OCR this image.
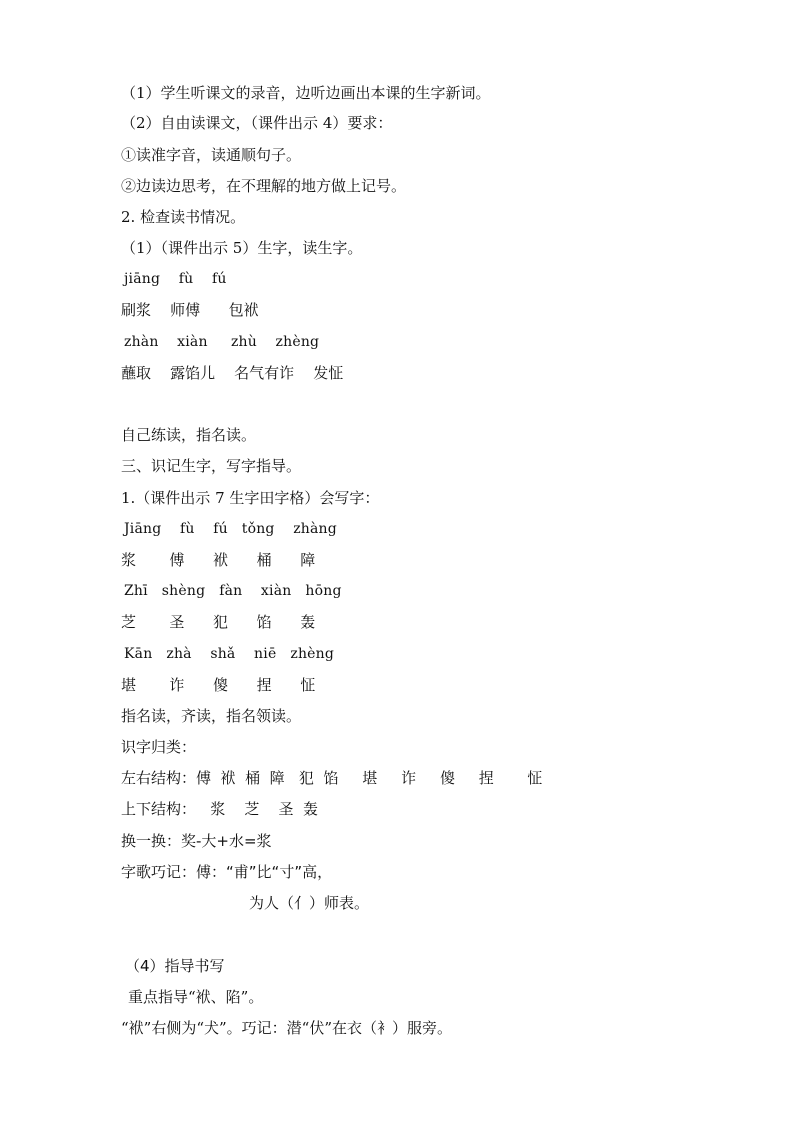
（1）学生听课文的录音，边听边画出本课的生字新词。
（2）自由读课文，（课件出示 4）要求：
①读准字音，读通顺句子。
②边读边思考，在不理解的地方做上记号。
2. 检查读书情况。
（1）（课件出示 5）生字，读生字。
jiāng    fù    fú
刷浆    师傅      包袱
zhàn    xiàn     zhù    zhèng
蘸取    露馅儿    名气有诈    发怔
自己练读，指名读。
三、识记生字，写字指导。
1.（课件出示 7 生字田字格）会写字：
Jiāng    fù    fú   tǒng    zhàng
浆       傅      袱      桶      障
Zhī   shèng   fàn    xiàn   hōng
芝       圣      犯      馅      轰
Kān   zhà    shǎ    niē   zhèng
堪       诈      傻      捏      怔
指名读，齐读，指名领读。
识字归类：
左右结构：傅  袱  桶  障   犯  馅     堪     诈     傻     捏       怔
上下结构：   浆    芝    圣  轰
换一换：奖-大+水=浆
字歌巧记：傅：“甫”比“寸”高，
为人（亻）师表。
（4）指导书写
重点指导“袱、陷”。
“袱”右侧为“犬”。巧记：潜“伏”在衣（衤）服旁。
